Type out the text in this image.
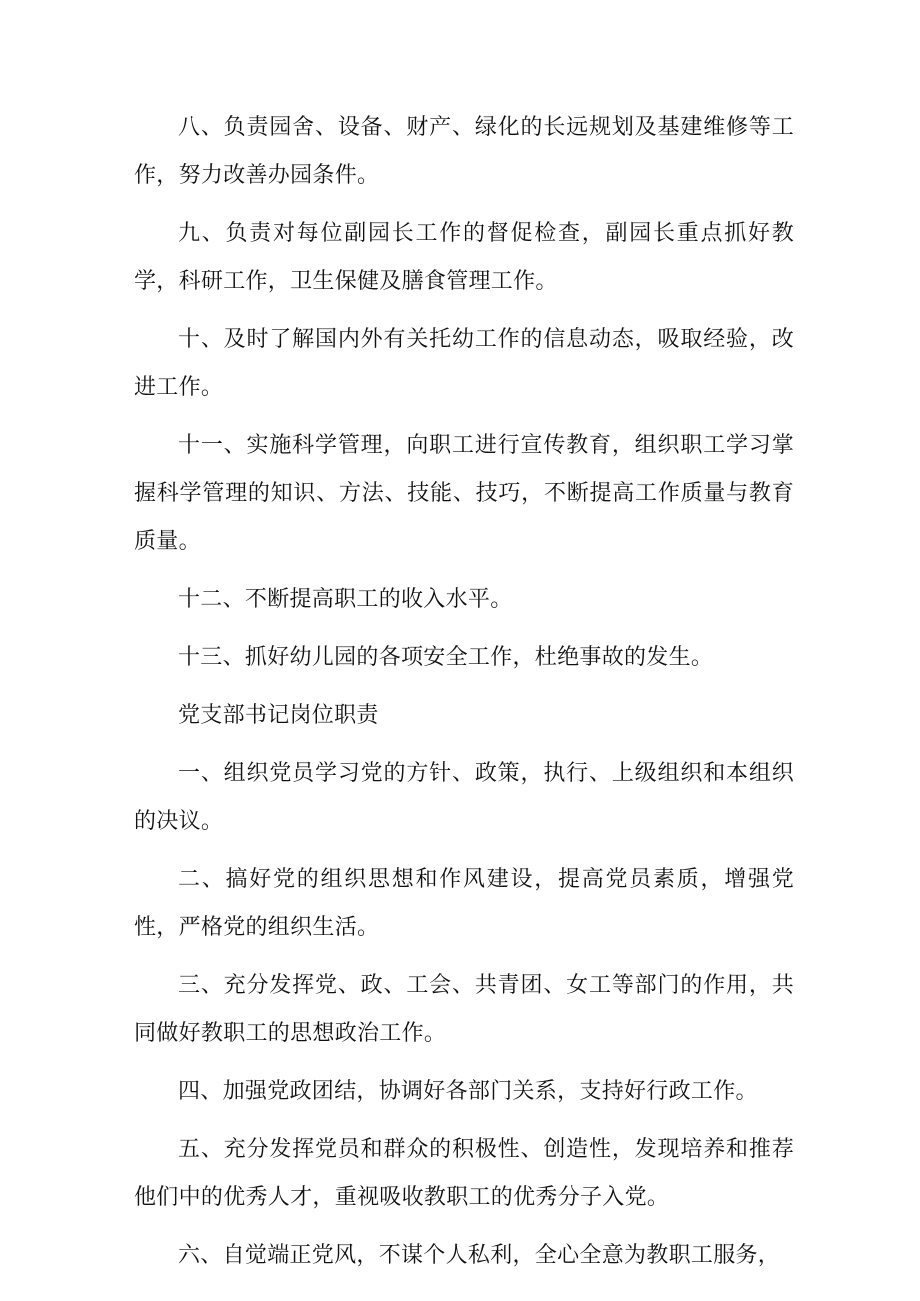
八、负责园舍、设备、财产、绿化的长远规划及基建维修等工作，努力改善办园条件。

九、负责对每位副园长工作的督促检查，副园长重点抓好教学，科研工作，卫生保健及膳食管理工作。

十、及时了解国内外有关托幼工作的信息动态，吸取经验，改进工作。

十一、实施科学管理，向职工进行宣传教育，组织职工学习掌握科学管理的知识、方法、技能、技巧，不断提高工作质量与教育质量。

十二、不断提高职工的收入水平。

十三、抓好幼儿园的各项安全工作，杜绝事故的发生。

党支部书记岗位职责

一、组织党员学习党的方针、政策，执行、上级组织和本组织的决议。

二、搞好党的组织思想和作风建设，提高党员素质，增强党性，严格党的组织生活。

三、充分发挥党、政、工会、共青团、女工等部门的作用，共同做好教职工的思想政治工作。

四、加强党政团结，协调好各部门关系，支持好行政工作。

五、充分发挥党员和群众的积极性、创造性，发现培养和推荐他们中的优秀人才，重视吸收教职工的优秀分子入党。

六、自觉端正党风，不谋个人私利，全心全意为教职工服务，
